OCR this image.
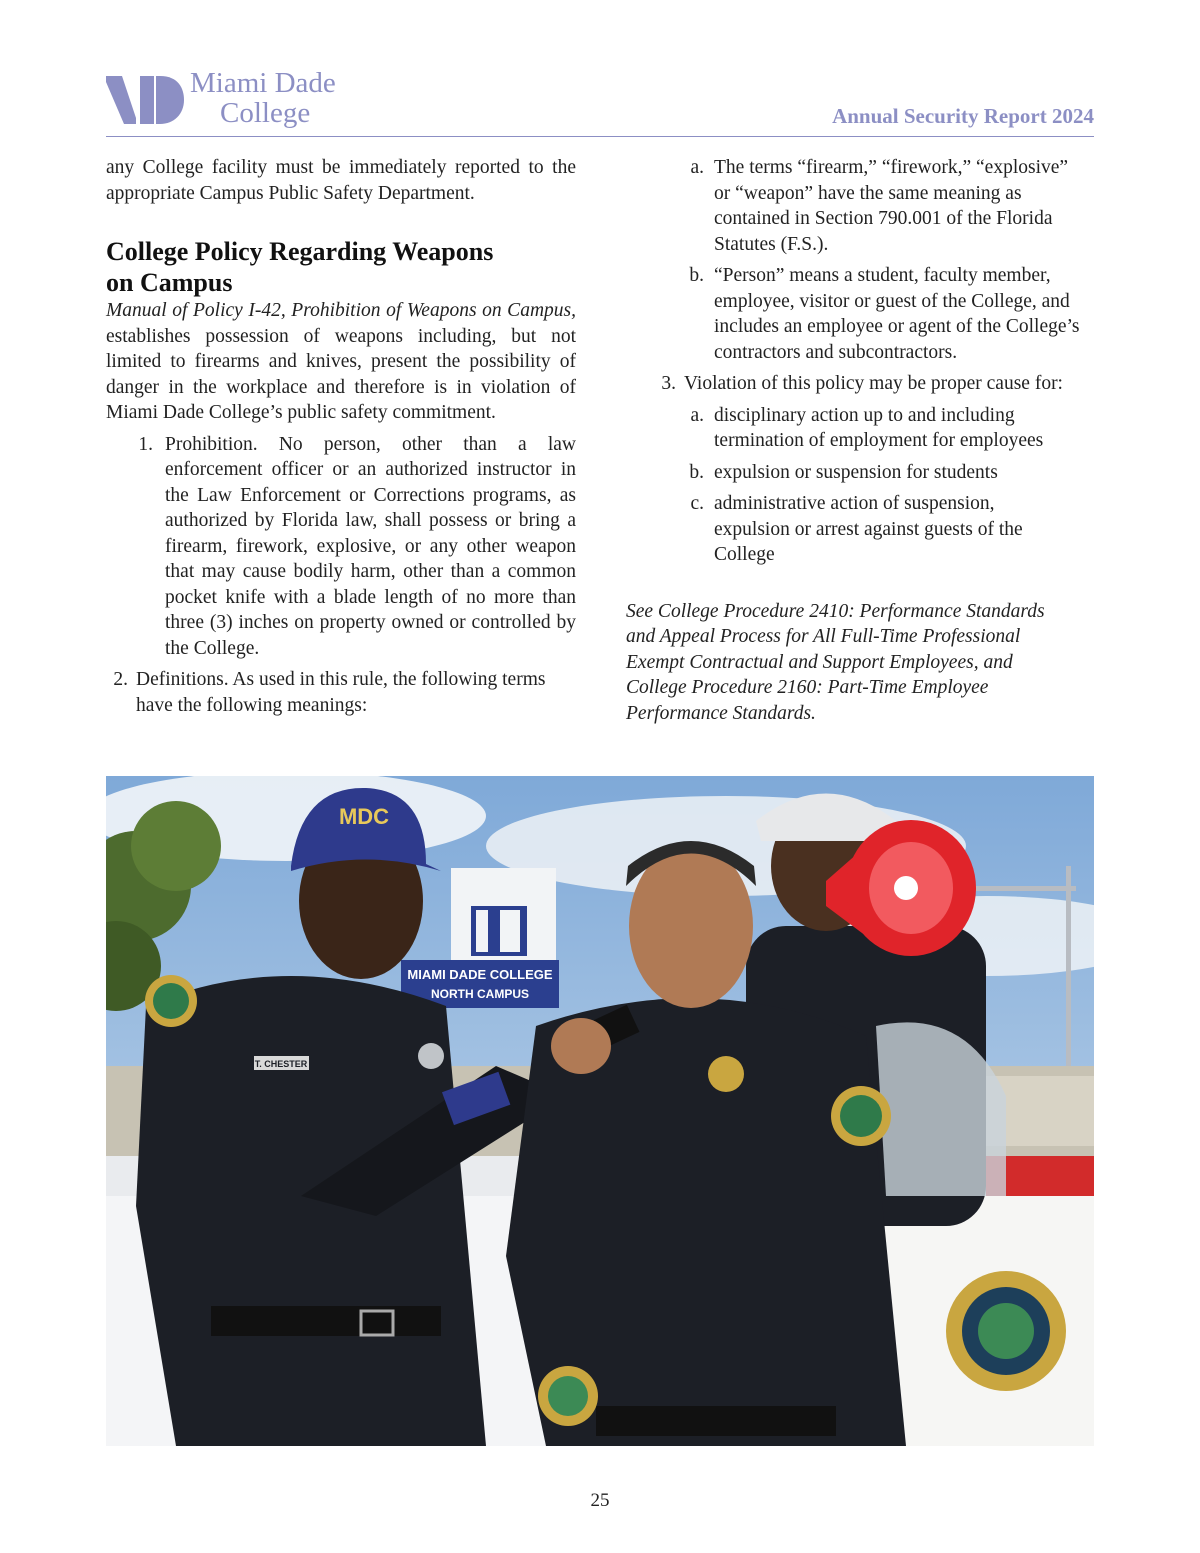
Miami Dade
College	Annual Security Report 2024

any College facility must be immediately reported to the appropriate Campus Public Safety Department.

College Policy Regarding Weapons on Campus

Manual of Policy I-42, Prohibition of Weapons on Campus, establishes possession of weapons including, but not limited to firearms and knives, present the possibility of danger in the workplace and therefore is in violation of Miami Dade College’s public safety commitment.

1. Prohibition. No person, other than a law enforcement officer or an authorized instructor in the Law Enforcement or Corrections programs, as authorized by Florida law, shall possess or bring a firearm, firework, explosive, or any other weapon that may cause bodily harm, other than a common pocket knife with a blade length of no more than three (3) inches on property owned or controlled by the College.

2. Definitions. As used in this rule, the following terms have the following meanings:

a. The terms “firearm,” “firework,” “explosive” or “weapon” have the same meaning as contained in Section 790.001 of the Florida Statutes (F.S.).

b. “Person” means a student, faculty member, employee, visitor or guest of the College, and includes an employee or agent of the College’s contractors and subcontractors.

3. Violation of this policy may be proper cause for:

a. disciplinary action up to and including termination of employment for employees

b. expulsion or suspension for students

c. administrative action of suspension, expulsion or arrest against guests of the College

See College Procedure 2410: Performance Standards and Appeal Process for All Full-Time Professional Exempt Contractual and Support Employees, and College Procedure 2160: Part-Time Employee Performance Standards.

MIAMI DADE COLLEGE
NORTH CAMPUS
MDC
T. CHESTER
25
